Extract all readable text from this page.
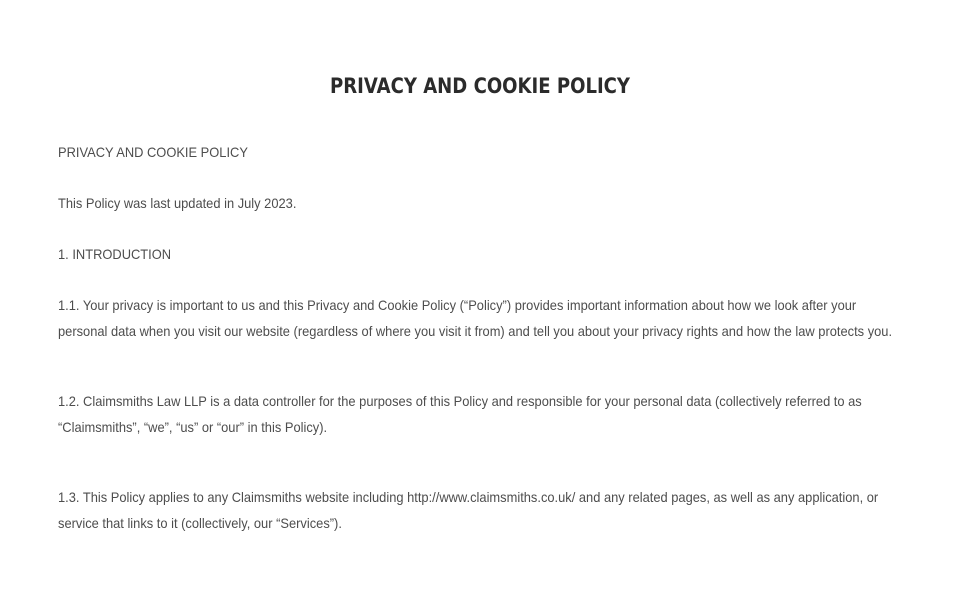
PRIVACY AND COOKIE POLICY

PRIVACY AND COOKIE POLICY

This Policy was last updated in July 2023.

1. INTRODUCTION

1.1. Your privacy is important to us and this Privacy and Cookie Policy (“Policy”) provides important information about how we look after your personal data when you visit our website (regardless of where you visit it from) and tell you about your privacy rights and how the law protects you.

1.2. Claimsmiths Law LLP is a data controller for the purposes of this Policy and responsible for your personal data (collectively referred to as “Claimsmiths”, “we”, “us” or “our” in this Policy).

1.3. This Policy applies to any Claimsmiths website including http://www.claimsmiths.co.uk/ and any related pages, as well as any application, or service that links to it (collectively, our “Services”).
